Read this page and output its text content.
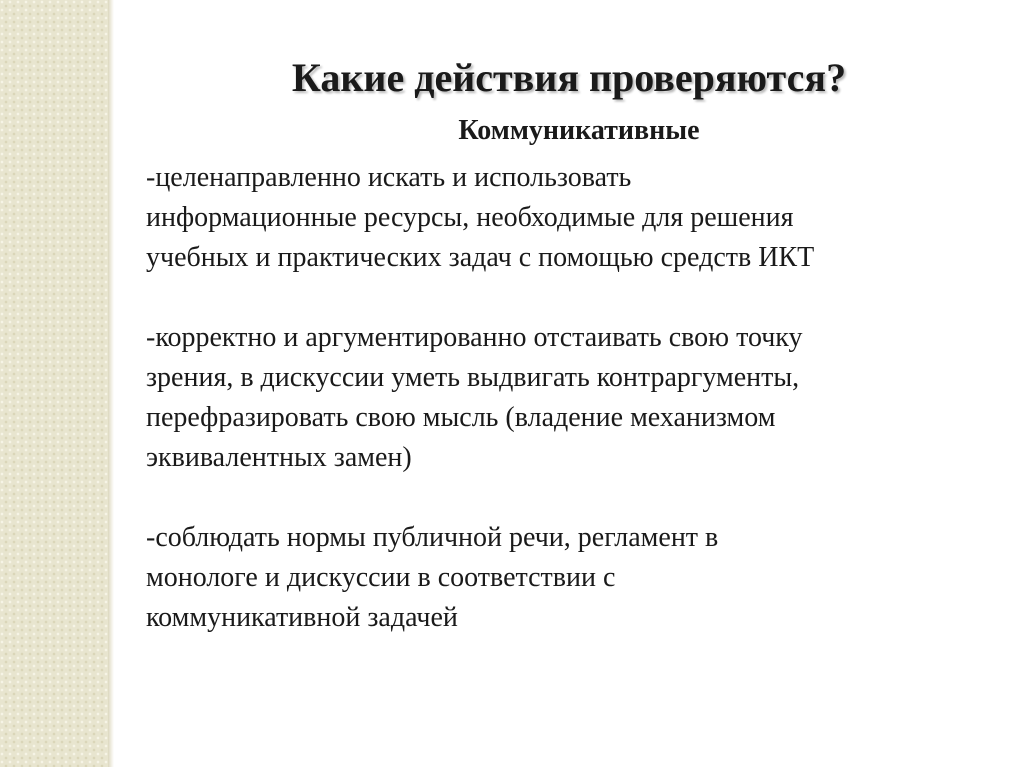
Какие действия проверяются?
Коммуникативные
-целенаправленно искать и использовать
информационные ресурсы, необходимые для решения
учебных и практических задач с помощью средств ИКТ
-корректно и аргументированно отстаивать свою точку
зрения, в дискуссии уметь выдвигать контраргументы,
перефразировать свою мысль (владение механизмом
эквивалентных замен)
-соблюдать нормы публичной речи, регламент в
монологе и дискуссии в соответствии с
коммуникативной задачей
